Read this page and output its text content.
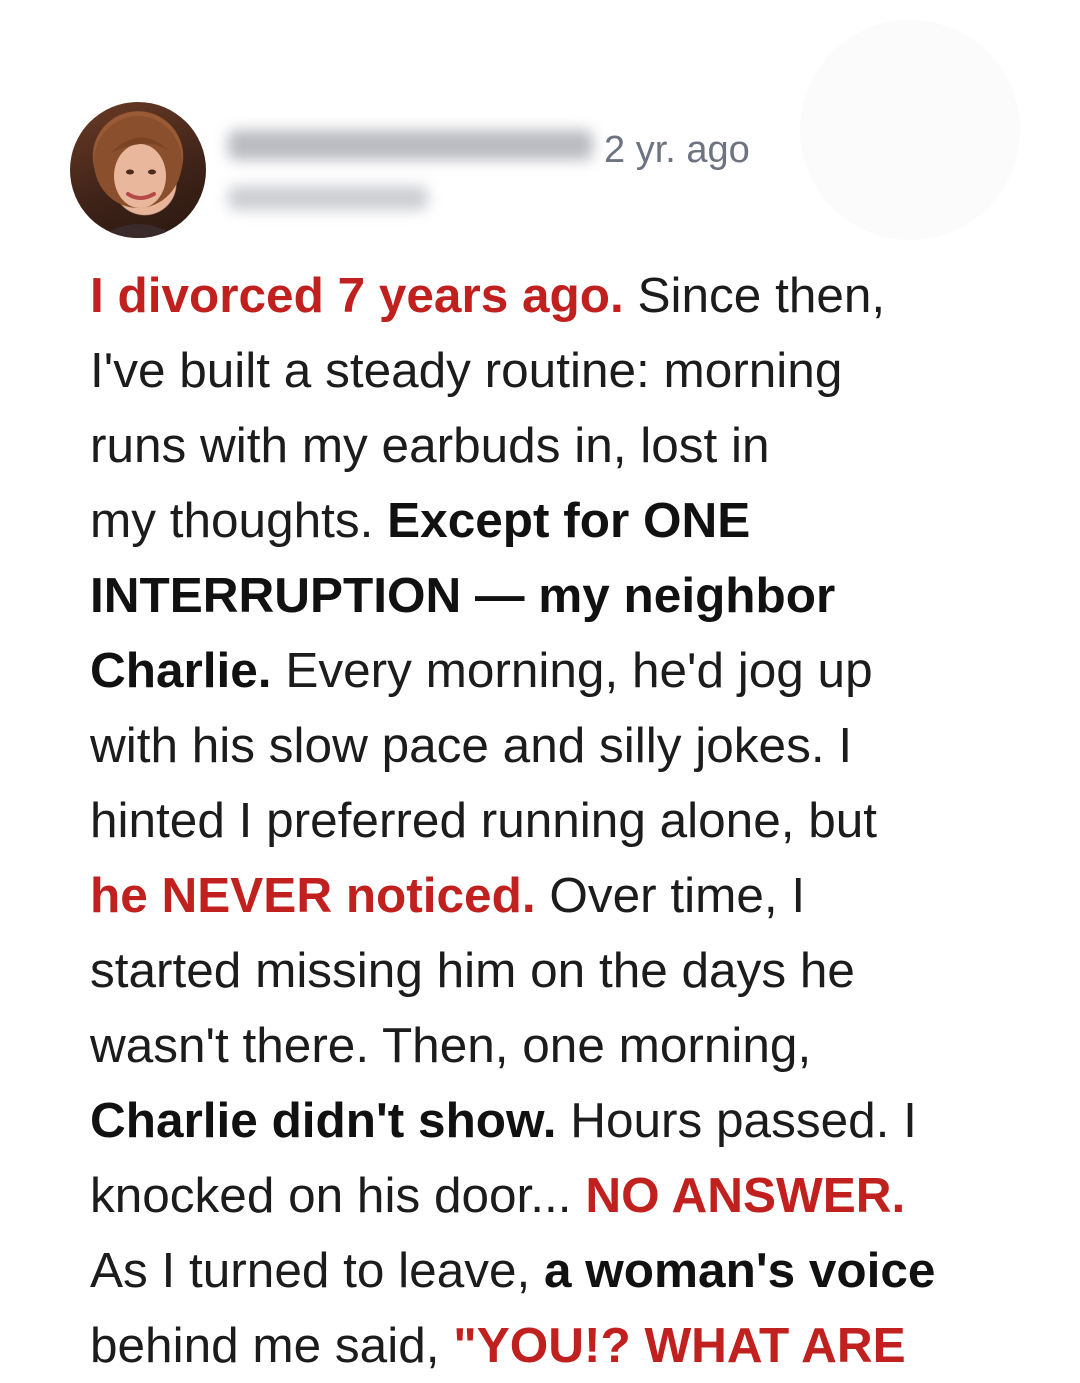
2 yr. ago

I divorced 7 years ago. Since then,
I've built a steady routine: morning
runs with my earbuds in, lost in
my thoughts. Except for ONE
INTERRUPTION — my neighbor
Charlie. Every morning, he'd jog up
with his slow pace and silly jokes. I
hinted I preferred running alone, but
he NEVER noticed. Over time, I
started missing him on the days he
wasn't there. Then, one morning,
Charlie didn't show. Hours passed. I
knocked on his door... NO ANSWER.
As I turned to leave, a woman's voice
behind me said, "YOU!? WHAT ARE
